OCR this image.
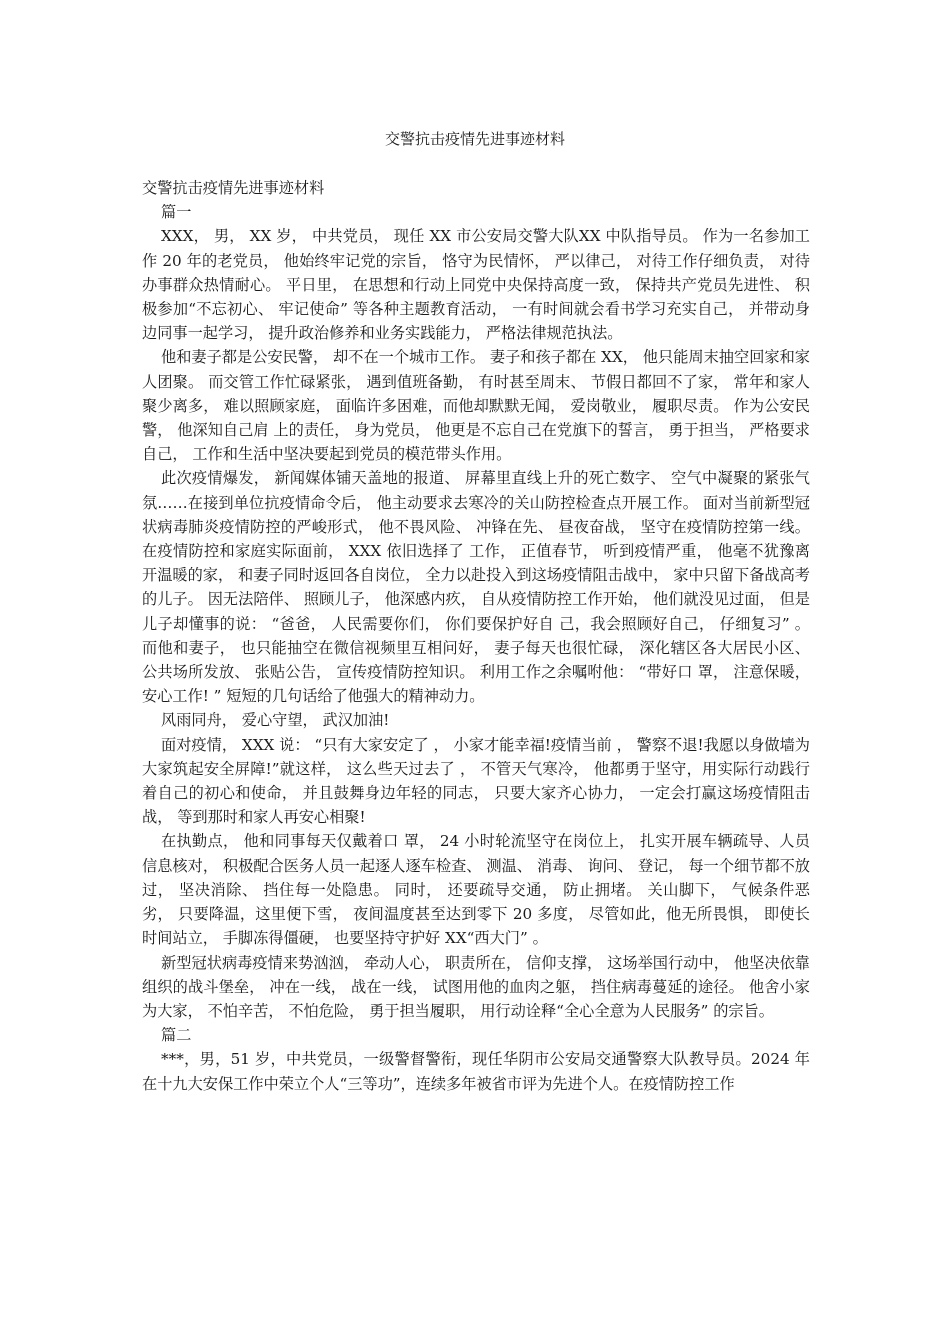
交警抗击疫情先进事迹材料

交警抗击疫情先进事迹材料

篇一

XXX， 男， XX 岁， 中共党员， 现任 XX 市公安局交警大队XX 中队指导员。 作为一名参加工作 20 年的老党员， 他始终牢记党的宗旨， 恪守为民情怀， 严以律己， 对待工作仔细负责， 对待办事群众热情耐心。 平日里， 在思想和行动上同党中央保持高度一致， 保持共产党员先进性、 积极参加“不忘初心、 牢记使命” 等各种主题教育活动， 一有时间就会看书学习充实自己， 并带动身边同事一起学习， 提升政治修养和业务实践能力， 严格法律规范执法。

他和妻子都是公安民警， 却不在一个城市工作。 妻子和孩子都在 XX， 他只能周末抽空回家和家人团聚。 而交管工作忙碌紧张， 遇到值班备勤， 有时甚至周末、 节假日都回不了家， 常年和家人聚少离多， 难以照顾家庭， 面临许多困难，而他却默默无闻， 爱岗敬业， 履职尽责。 作为公安民警， 他深知自己肩 上的责任， 身为党员， 他更是不忘自己在党旗下的誓言， 勇于担当， 严格要求自己， 工作和生活中坚决要起到党员的模范带头作用。

此次疫情爆发， 新闻媒体铺天盖地的报道、 屏幕里直线上升的死亡数字、 空气中凝聚的紧张气氛……在接到单位抗疫情命令后， 他主动要求去寒冷的关山防控检查点开展工作。 面对当前新型冠状病毒肺炎疫情防控的严峻形式， 他不畏风险、 冲锋在先、 昼夜奋战， 坚守在疫情防控第一线。在疫情防控和家庭实际面前， XXX 依旧选择了 工作， 正值春节， 听到疫情严重， 他毫不犹豫离开温暖的家， 和妻子同时返回各自岗位， 全力以赴投入到这场疫情阻击战中， 家中只留下备战高考的儿子。 因无法陪伴、 照顾儿子， 他深感内疚， 自从疫情防控工作开始， 他们就没见过面， 但是儿子却懂事的说： “爸爸， 人民需要你们， 你们要保护好自 己，我会照顾好自己， 仔细复习” 。 而他和妻子， 也只能抽空在微信视频里互相问好， 妻子每天也很忙碌， 深化辖区各大居民小区、 公共场所发放、 张贴公告， 宣传疫情防控知识。 利用工作之余嘱咐他： “带好口 罩， 注意保暖， 安心工作! ” 短短的几句话给了他强大的精神动力。

风雨同舟， 爱心守望， 武汉加油!

面对疫情， XXX 说： “只有大家安定了 ， 小家才能幸福!疫情当前 ， 警察不退!我愿以身做墙为大家筑起安全屏障!”就这样， 这么些天过去了 ， 不管天气寒冷， 他都勇于坚守，用实际行动践行着自己的初心和使命， 并且鼓舞身边年轻的同志， 只要大家齐心协力， 一定会打赢这场疫情阻击战， 等到那时和家人再安心相聚!

在执勤点， 他和同事每天仅戴着口 罩， 24 小时轮流坚守在岗位上， 扎实开展车辆疏导、人员信息核对， 积极配合医务人员一起逐人逐车检查、 测温、 消毒、 询问、 登记， 每一个细节都不放过， 坚决消除、 挡住每一处隐患。 同时， 还要疏导交通， 防止拥堵。 关山脚下， 气候条件恶劣， 只要降温，这里便下雪， 夜间温度甚至达到零下 20 多度， 尽管如此，他无所畏惧， 即使长时间站立， 手脚冻得僵硬， 也要坚持守护好 XX“西大门” 。

新型冠状病毒疫情来势汹汹， 牵动人心， 职责所在， 信仰支撑， 这场举国行动中， 他坚决依靠组织的战斗堡垒， 冲在一线， 战在一线， 试图用他的血肉之躯， 挡住病毒蔓延的途径。 他舍小家为大家， 不怕辛苦， 不怕危险， 勇于担当履职， 用行动诠释“全心全意为人民服务” 的宗旨。

篇二

***，男，51 岁，中共党员，一级警督警衔，现任华阴市公安局交通警察大队教导员。2024 年在十九大安保工作中荣立个人“三等功”，连续多年被省市评为先进个人。在疫情防控工作
